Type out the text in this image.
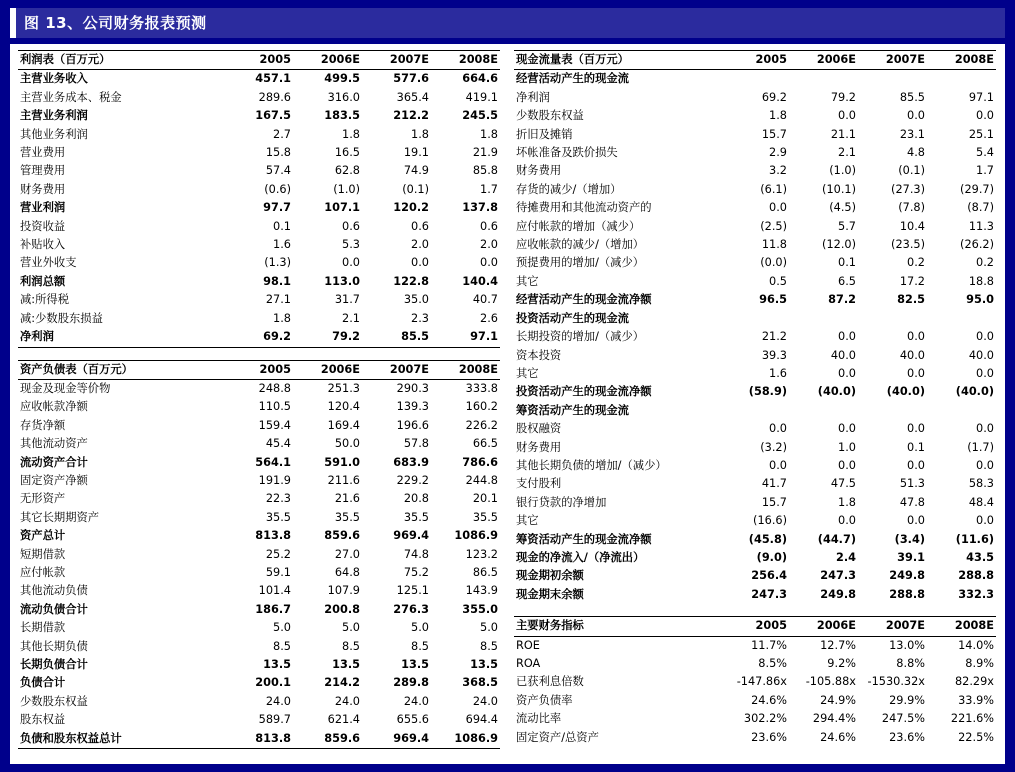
图 13、公司财务报表预测
利润表（百万元）	2005	2006E	2007E	2008E
主营业务收入	457.1	499.5	577.6	664.6
主营业务成本、税金	289.6	316.0	365.4	419.1
主营业务利润	167.5	183.5	212.2	245.5
其他业务利润	2.7	1.8	1.8	1.8
营业费用	15.8	16.5	19.1	21.9
管理费用	57.4	62.8	74.9	85.8
财务费用	(0.6)	(1.0)	(0.1)	1.7
营业利润	97.7	107.1	120.2	137.8
投资收益	0.1	0.6	0.6	0.6
补贴收入	1.6	5.3	2.0	2.0
营业外收支	(1.3)	0.0	0.0	0.0
利润总额	98.1	113.0	122.8	140.4
减:所得税	27.1	31.7	35.0	40.7
减:少数股东损益	1.8	2.1	2.3	2.6
净利润	69.2	79.2	85.5	97.1
资产负债表（百万元）	2005	2006E	2007E	2008E
现金及现金等价物	248.8	251.3	290.3	333.8
应收帐款净额	110.5	120.4	139.3	160.2
存货净额	159.4	169.4	196.6	226.2
其他流动资产	45.4	50.0	57.8	66.5
流动资产合计	564.1	591.0	683.9	786.6
固定资产净额	191.9	211.6	229.2	244.8
无形资产	22.3	21.6	20.8	20.1
其它长期期资产	35.5	35.5	35.5	35.5
资产总计	813.8	859.6	969.4	1086.9
短期借款	25.2	27.0	74.8	123.2
应付帐款	59.1	64.8	75.2	86.5
其他流动负债	101.4	107.9	125.1	143.9
流动负债合计	186.7	200.8	276.3	355.0
长期借款	5.0	5.0	5.0	5.0
其他长期负债	8.5	8.5	8.5	8.5
长期负债合计	13.5	13.5	13.5	13.5
负债合计	200.1	214.2	289.8	368.5
少数股东权益	24.0	24.0	24.0	24.0
股东权益	589.7	621.4	655.6	694.4
负债和股东权益总计	813.8	859.6	969.4	1086.9
现金流量表（百万元）	2005	2006E	2007E	2008E
经营活动产生的现金流				
净利润	69.2	79.2	85.5	97.1
少数股东权益	1.8	0.0	0.0	0.0
折旧及摊销	15.7	21.1	23.1	25.1
坏帐准备及跌价损失	2.9	2.1	4.8	5.4
财务费用	3.2	(1.0)	(0.1)	1.7
存货的减少/（增加）	(6.1)	(10.1)	(27.3)	(29.7)
待摊费用和其他流动资产的	0.0	(4.5)	(7.8)	(8.7)
应付帐款的增加（减少）	(2.5)	5.7	10.4	11.3
应收帐款的减少/（增加）	11.8	(12.0)	(23.5)	(26.2)
预提费用的增加/（减少）	(0.0)	0.1	0.2	0.2
其它	0.5	6.5	17.2	18.8
经营活动产生的现金流净额	96.5	87.2	82.5	95.0
投资活动产生的现金流				
长期投资的增加/（减少）	21.2	0.0	0.0	0.0
资本投资	39.3	40.0	40.0	40.0
其它	1.6	0.0	0.0	0.0
投资活动产生的现金流净额	(58.9)	(40.0)	(40.0)	(40.0)
筹资活动产生的现金流				
股权融资	0.0	0.0	0.0	0.0
财务费用	(3.2)	1.0	0.1	(1.7)
其他长期负债的增加/（减少）	0.0	0.0	0.0	0.0
支付股利	41.7	47.5	51.3	58.3
银行贷款的净增加	15.7	1.8	47.8	48.4
其它	(16.6)	0.0	0.0	0.0
筹资活动产生的现金流净额	(45.8)	(44.7)	(3.4)	(11.6)
现金的净流入/（净流出）	(9.0)	2.4	39.1	43.5
现金期初余额	256.4	247.3	249.8	288.8
现金期末余额	247.3	249.8	288.8	332.3
主要财务指标	2005	2006E	2007E	2008E
ROE	11.7%	12.7%	13.0%	14.0%
ROA	8.5%	9.2%	8.8%	8.9%
已获利息倍数	-147.86x	-105.88x	-1530.32x	82.29x
资产负债率	24.6%	24.9%	29.9%	33.9%
流动比率	302.2%	294.4%	247.5%	221.6%
固定资产/总资产	23.6%	24.6%	23.6%	22.5%
